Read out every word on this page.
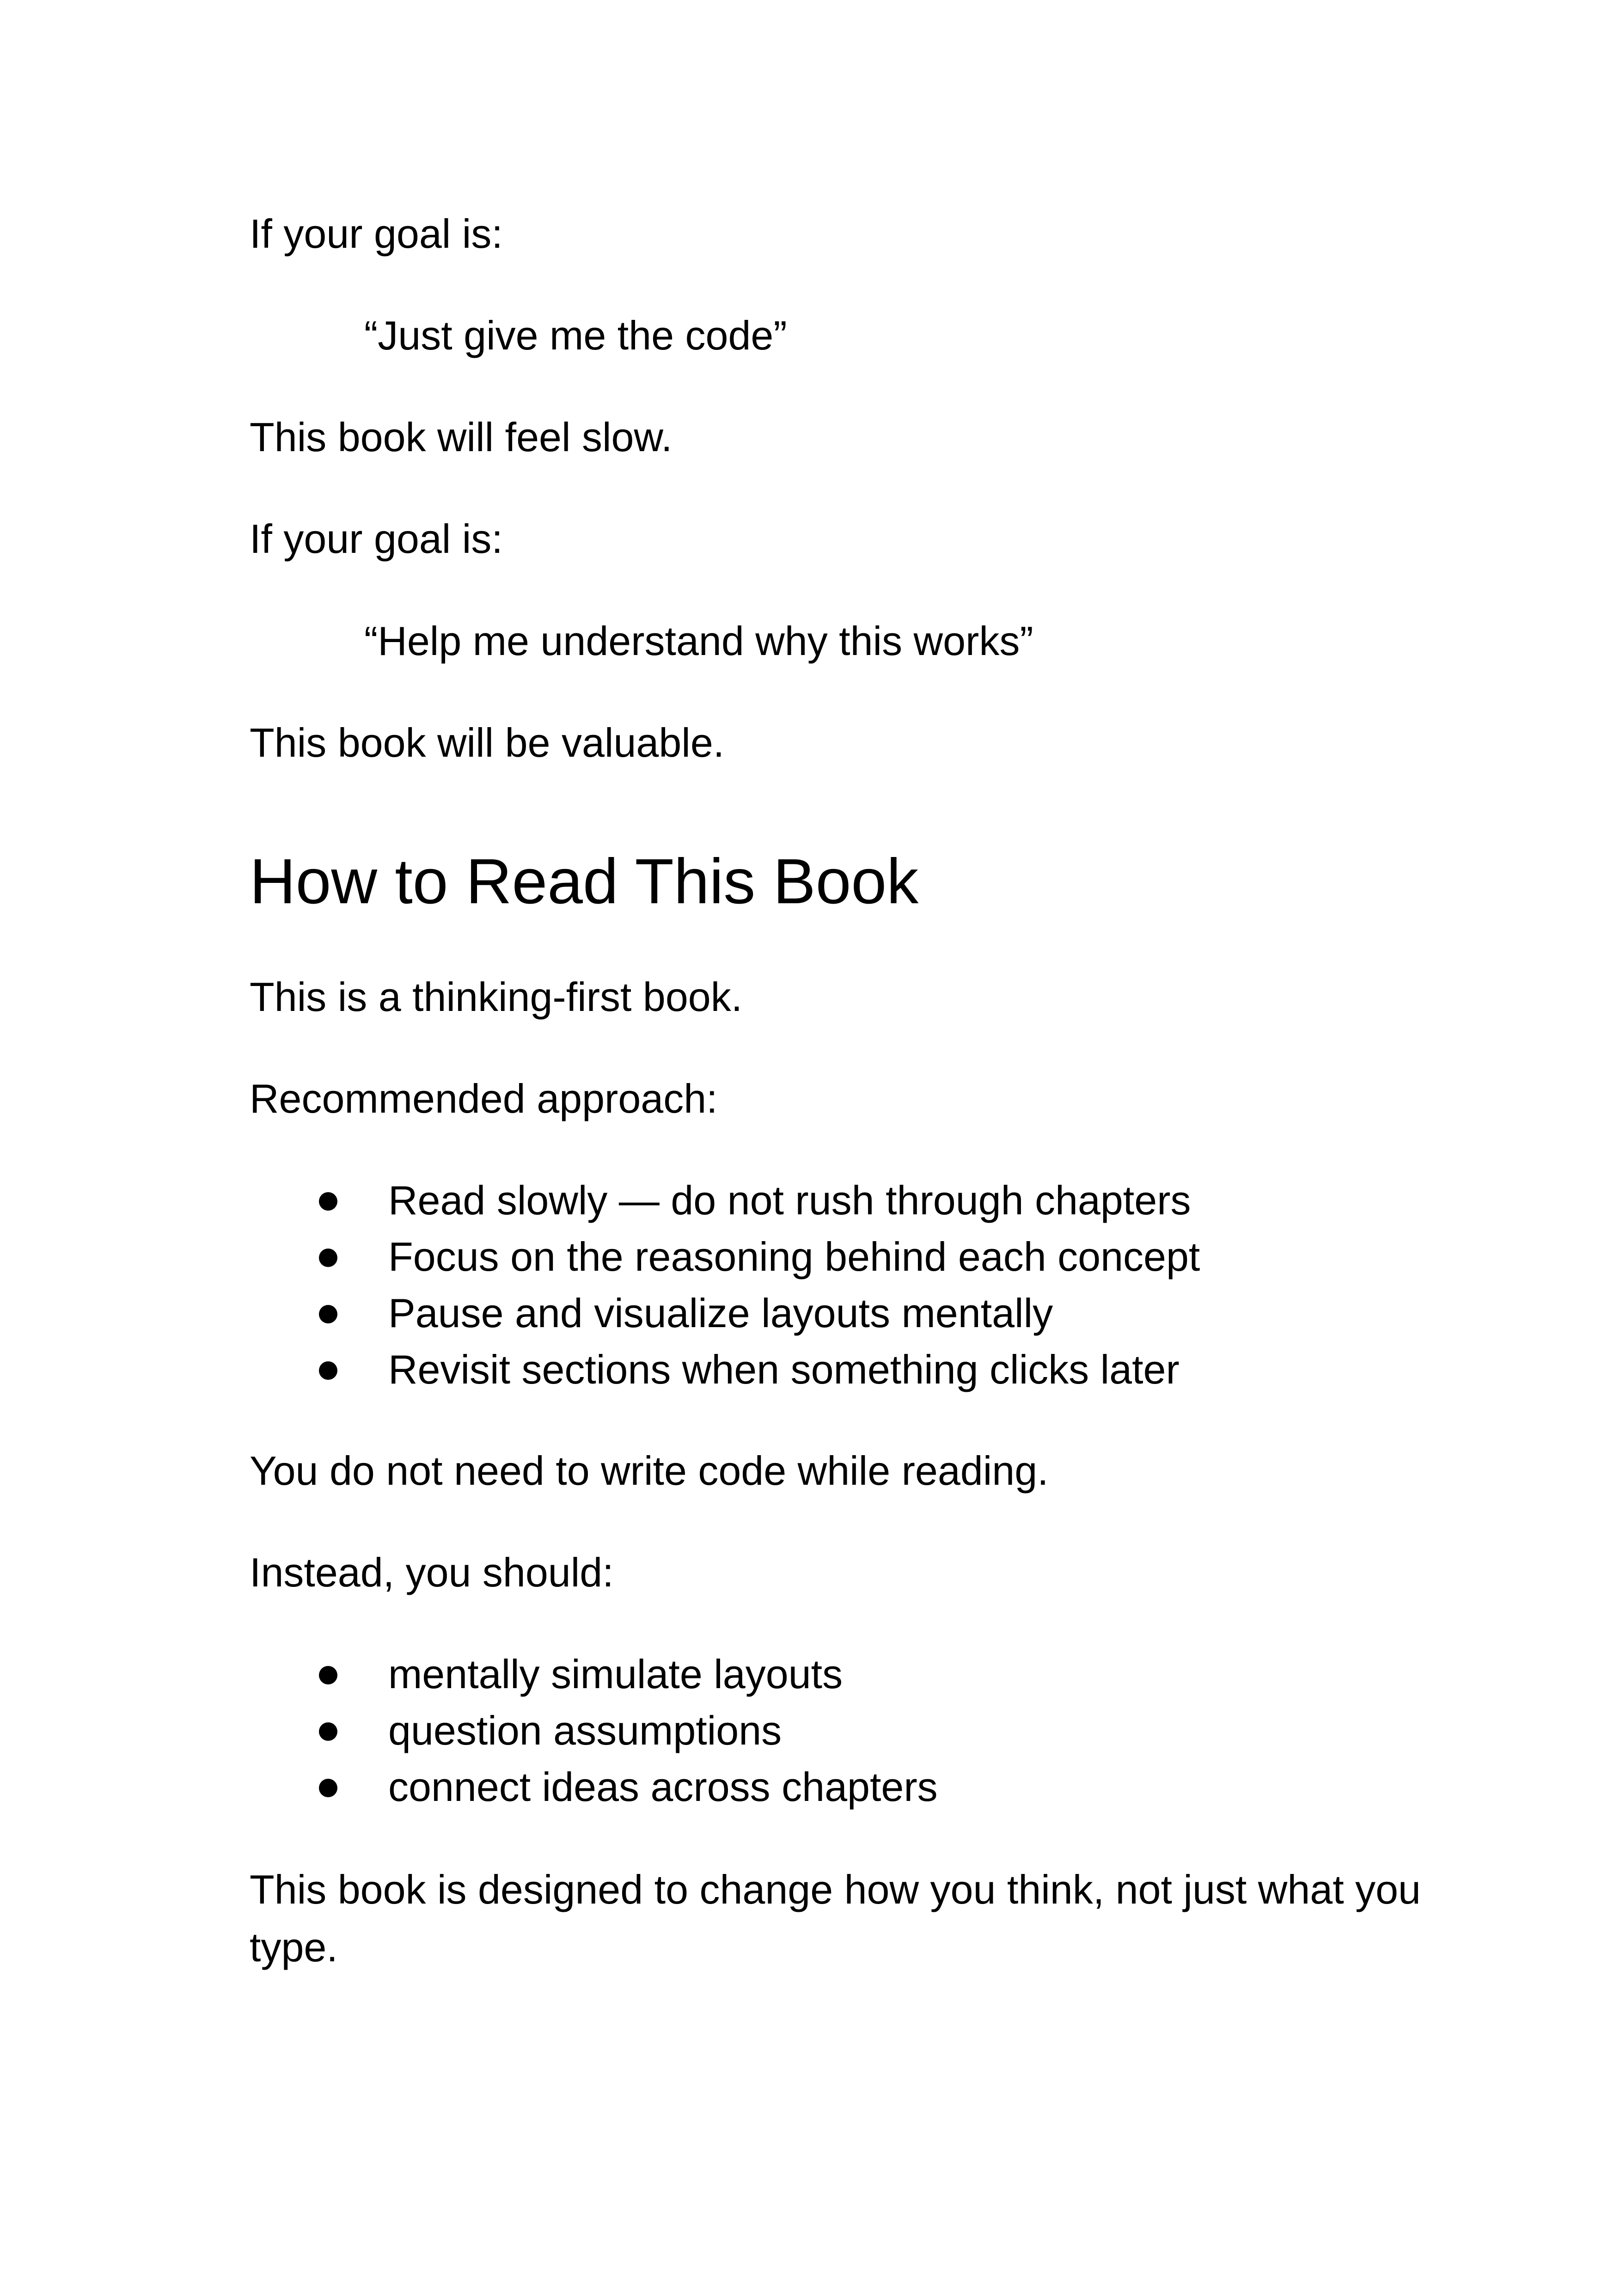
If your goal is:

“Just give me the code”

This book will feel slow.

If your goal is:

“Help me understand why this works”

This book will be valuable.

How to Read This Book

This is a thinking-first book.

Recommended approach:

Read slowly — do not rush through chapters
Focus on the reasoning behind each concept
Pause and visualize layouts mentally
Revisit sections when something clicks later

You do not need to write code while reading.

Instead, you should:

mentally simulate layouts
question assumptions
connect ideas across chapters

This book is designed to change how you think, not just what you type.
